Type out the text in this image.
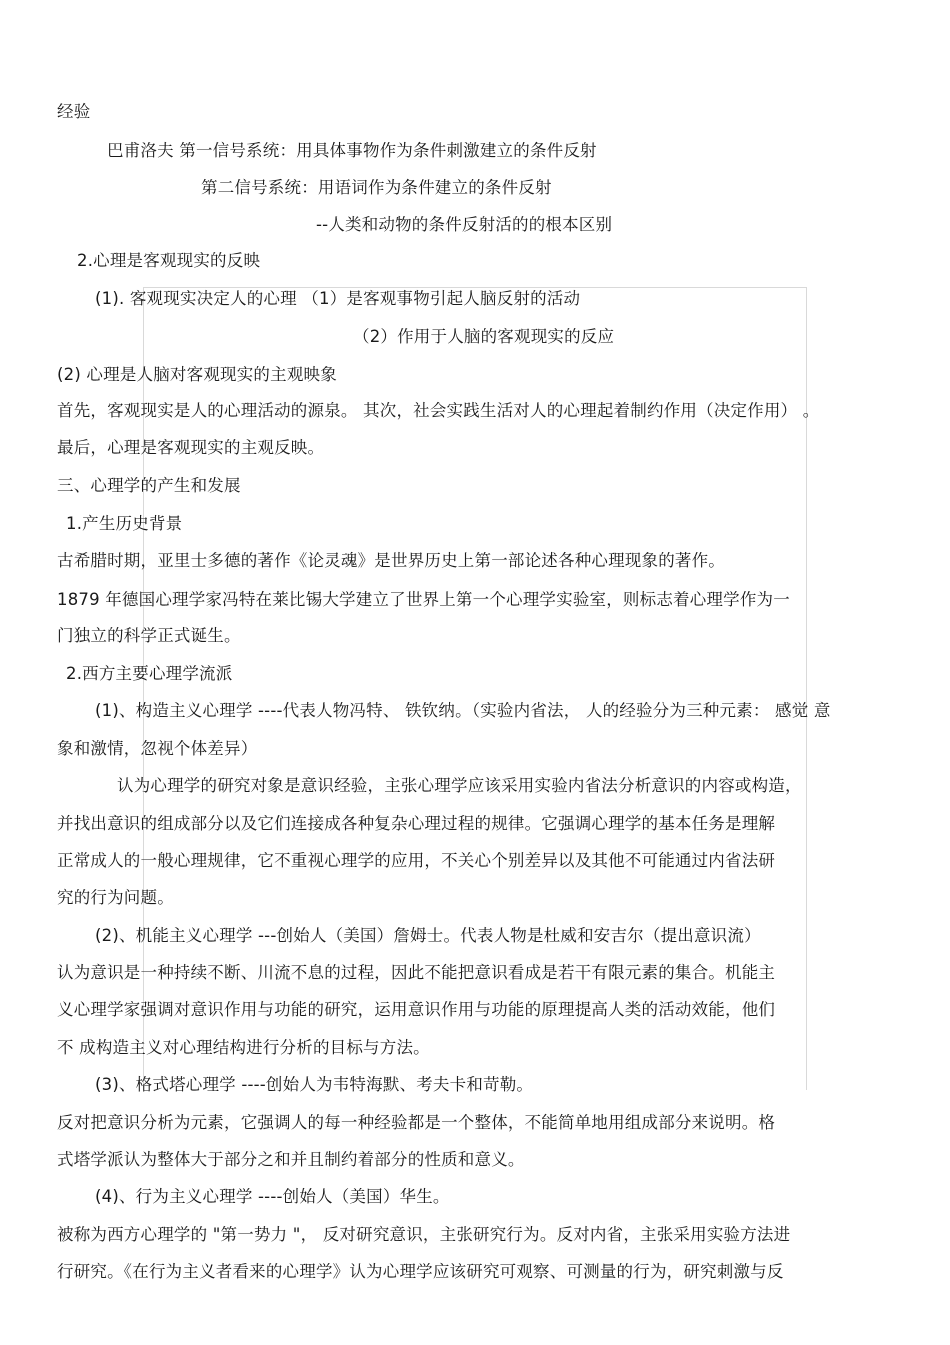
经验

巴甫洛夫 第一信号系统：用具体事物作为条件刺激建立的条件反射

第二信号系统：用语词作为条件建立的条件反射

--人类和动物的条件反射活的的根本区别

2.心理是客观现实的反映

(1). 客观现实决定人的心理 （1）是客观事物引起人脑反射的活动

（2）作用于人脑的客观现实的反应

(2) 心理是人脑对客观现实的主观映象

首先，客观现实是人的心理活动的源泉。 其次，社会实践生活对人的心理起着制约作用（决定作用） 。

最后，心理是客观现实的主观反映。

三、心理学的产生和发展

1.产生历史背景

古希腊时期，亚里士多德的著作《论灵魂》是世界历史上第一部论述各种心理现象的著作。

1879 年德国心理学家冯特在莱比锡大学建立了世界上第一个心理学实验室，则标志着心理学作为一

门独立的科学正式诞生。

2.西方主要心理学流派

(1)、构造主义心理学 ----代表人物冯特、 铁钦纳。（实验内省法， 人的经验分为三种元素： 感觉 意

象和激情，忽视个体差异）

认为心理学的研究对象是意识经验，主张心理学应该采用实验内省法分析意识的内容或构造，

并找出意识的组成部分以及它们连接成各种复杂心理过程的规律。它强调心理学的基本任务是理解

正常成人的一般心理规律，它不重视心理学的应用，不关心个别差异以及其他不可能通过内省法研

究的行为问题。

(2)、机能主义心理学 ---创始人（美国）詹姆士。代表人物是杜威和安吉尔（提出意识流）

认为意识是一种持续不断、川流不息的过程，因此不能把意识看成是若干有限元素的集合。机能主

义心理学家强调对意识作用与功能的研究，运用意识作用与功能的原理提高人类的活动效能，他们

不 成构造主义对心理结构进行分析的目标与方法。

(3)、格式塔心理学 ----创始人为韦特海默、考夫卡和苛勒。

反对把意识分析为元素，它强调人的每一种经验都是一个整体，不能简单地用组成部分来说明。格

式塔学派认为整体大于部分之和并且制约着部分的性质和意义。

(4)、行为主义心理学 ----创始人（美国）华生。

被称为西方心理学的 "第一势力 "， 反对研究意识，主张研究行为。反对内省，主张采用实验方法进

行研究。《在行为主义者看来的心理学》认为心理学应该研究可观察、可测量的行为，研究刺激与反
